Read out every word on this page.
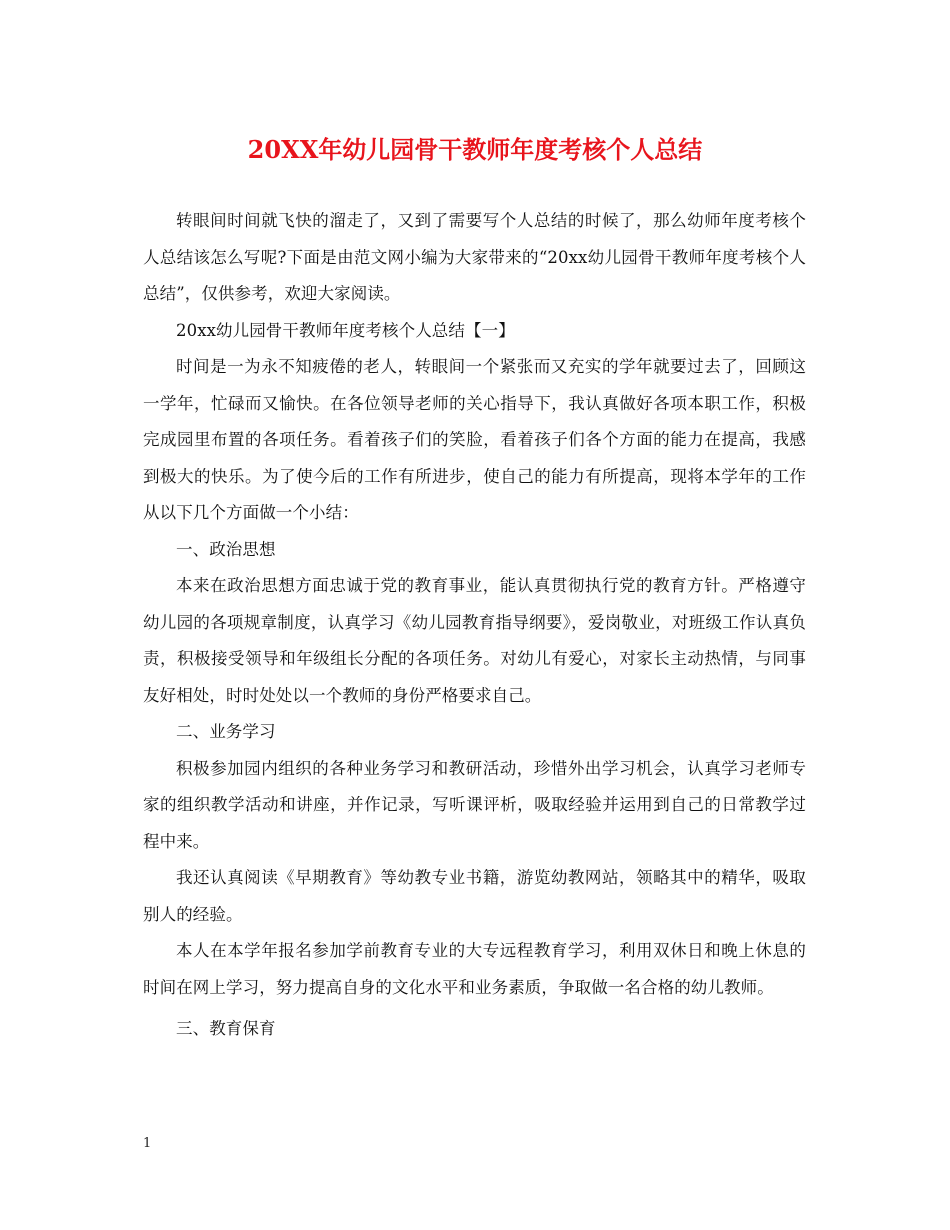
20XX年幼儿园骨干教师年度考核个人总结

转眼间时间就飞快的溜走了，又到了需要写个人总结的时候了，那么幼师年度考核个人总结该怎么写呢?下面是由范文网小编为大家带来的“20xx幼儿园骨干教师年度考核个人总结”，仅供参考，欢迎大家阅读。

20xx幼儿园骨干教师年度考核个人总结【一】

时间是一为永不知疲倦的老人，转眼间一个紧张而又充实的学年就要过去了，回顾这一学年，忙碌而又愉快。在各位领导老师的关心指导下，我认真做好各项本职工作，积极完成园里布置的各项任务。看着孩子们的笑脸，看着孩子们各个方面的能力在提高，我感到极大的快乐。为了使今后的工作有所进步，使自己的能力有所提高，现将本学年的工作从以下几个方面做一个小结：

一、政治思想

本来在政治思想方面忠诚于党的教育事业，能认真贯彻执行党的教育方针。严格遵守幼儿园的各项规章制度，认真学习《幼儿园教育指导纲要》，爱岗敬业，对班级工作认真负责，积极接受领导和年级组长分配的各项任务。对幼儿有爱心，对家长主动热情，与同事友好相处，时时处处以一个教师的身份严格要求自己。

二、业务学习

积极参加园内组织的各种业务学习和教研活动，珍惜外出学习机会，认真学习老师专家的组织教学活动和讲座，并作记录，写听课评析，吸取经验并运用到自己的日常教学过程中来。

我还认真阅读《早期教育》等幼教专业书籍，游览幼教网站，领略其中的精华，吸取别人的经验。

本人在本学年报名参加学前教育专业的大专远程教育学习，利用双休日和晚上休息的时间在网上学习，努力提高自身的文化水平和业务素质，争取做一名合格的幼儿教师。

三、教育保育

1
